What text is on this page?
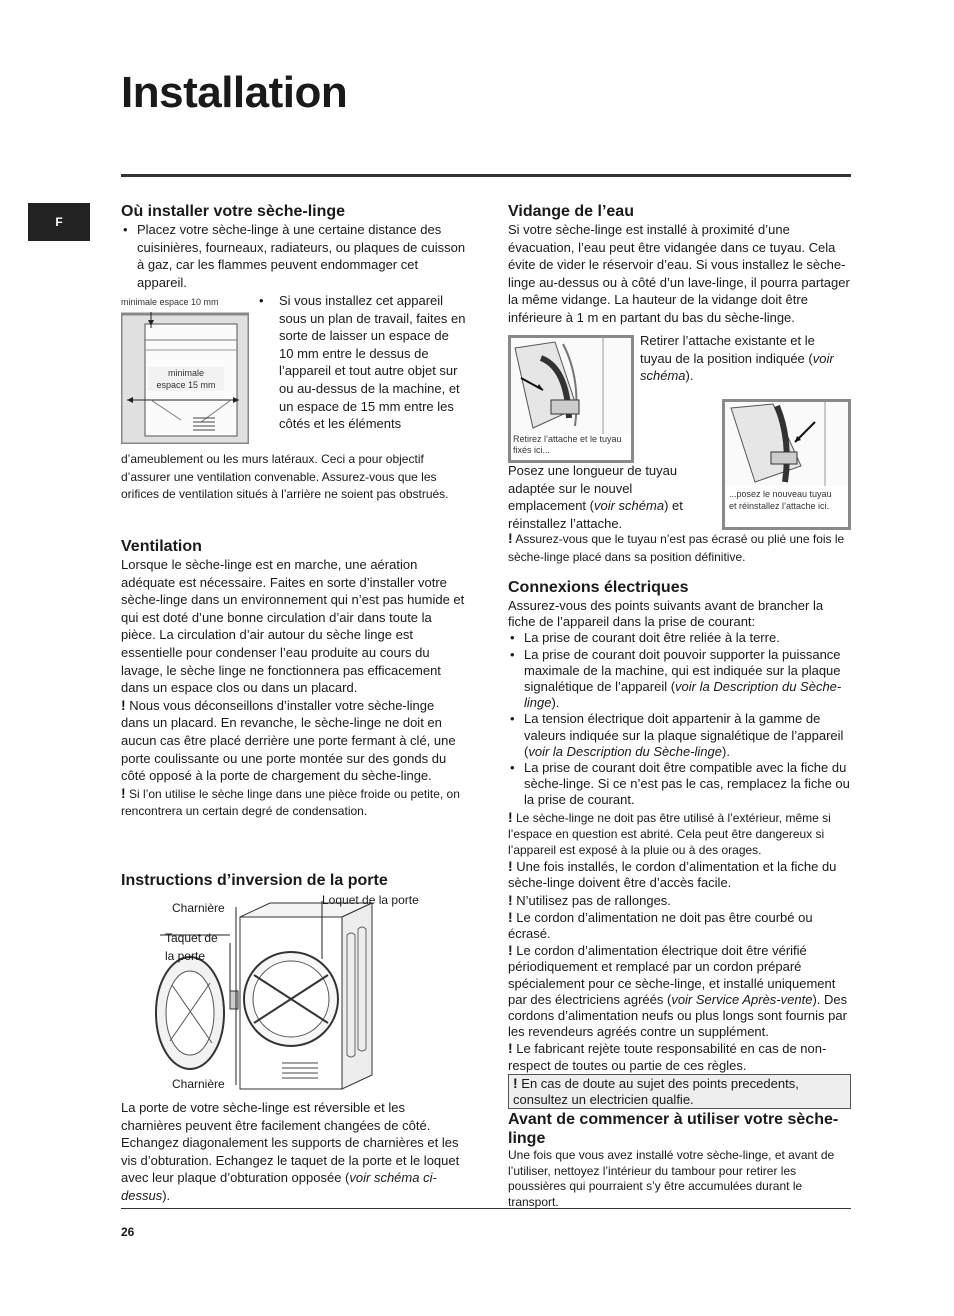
Installation
F
Où installer votre sèche-linge
• Placez votre sèche-linge à une certaine distance des cuisinières, fourneaux, radiateurs, ou plaques de cuisson à gaz, car les flammes peuvent endommager cet appareil.
minimale espace 10 mm
minimale
espace 15 mm
• Si vous installez cet appareil sous un plan de travail, faites en sorte de laisser un espace de 10 mm entre le dessus de l’appareil et tout autre objet sur ou au-dessus de la machine, et un espace de 15 mm entre les côtés et les éléments
d’ameublement ou les murs latéraux. Ceci a pour objectif d’assurer une ventilation convenable. Assurez-vous que les orifices de ventilation situés à l’arrière ne soient pas obstrués.
Ventilation

Lorsque le sèche-linge est en marche, une aération adéquate est nécessaire. Faites en sorte d’installer votre sèche-linge dans un environnement qui n’est pas humide et qui est doté d’une bonne circulation d’air dans toute la pièce. La circulation d’air autour du sèche linge est essentielle pour condenser l’eau produite au cours du lavage, le sèche linge ne fonctionnera pas efficacement dans un espace clos ou dans un placard.

! Nous vous déconseillons d’installer votre sèche-linge dans un placard. En revanche, le sèche-linge ne doit en aucun cas être placé derrière une porte fermant à clé, une porte coulissante ou une porte montée sur des gonds du côté opposé à la porte de chargement du sèche-linge.

! Si l’on utilise le sèche linge dans une pièce froide ou petite, on rencontrera un certain degré de condensation.

Instructions d’inversion de la porte
Charnière
Loquet de la porte
Taquet de
la porte
Charnière

La porte de votre sèche-linge est réversible et les charnières peuvent être facilement changées de côté. Echangez diagonalement les supports de charnières et les vis d’obturation. Echangez le taquet de la porte et le loquet avec leur plaque d’obturation opposée (voir schéma ci-dessus).

Vidange de l’eau

Si votre sèche-linge est installé à proximité d’une évacuation, l’eau peut être vidangée dans ce tuyau. Cela évite de vider le réservoir d’eau. Si vous installez le sèche-linge au-dessus ou à côté d’un lave-linge, il pourra partager la même vidange. La hauteur de la vidange doit être inférieure à 1 m en partant du bas du sèche-linge.

Retirez l’attache et le tuyau fixés ici...

Retirer l’attache existante et le tuyau de la position indiquée (voir schéma).

...posez le nouveau tuyau et réinstallez l’attache ici.

Posez une longueur de tuyau adaptée sur le nouvel emplacement (voir schéma) et réinstallez l’attache.

! Assurez-vous que le tuyau n’est pas écrasé ou plié une fois le sèche-linge placé dans sa position définitive.

Connexions électriques

Assurez-vous des points suivants avant de brancher la fiche de l’appareil dans la prise de courant:

• La prise de courant doit être reliée à la terre.
• La prise de courant doit pouvoir supporter la puissance maximale de la machine, qui est indiquée sur la plaque signalétique de l’appareil (voir la Description du Sèche-linge).
• La tension électrique doit appartenir à la gamme de valeurs indiquée sur la plaque signalétique de l’appareil (voir la Description du Sèche-linge).
• La prise de courant doit être compatible avec la fiche du sèche-linge. Si ce n’est pas le cas, remplacez la fiche ou la prise de courant.

! Le sèche-linge ne doit pas être utilisé à l’extérieur, même si l’espace en question est abrité. Cela peut être dangereux si l’appareil est exposé à la pluie ou à des orages.

! Une fois installés, le cordon d’alimentation et la fiche du sèche-linge doivent être d’accès facile.

! N’utilisez pas de rallonges.

! Le cordon d’alimentation ne doit pas être courbé ou écrasé.

! Le cordon d’alimentation électrique doit être vérifié périodiquement et remplacé par un cordon préparé spécialement pour ce sèche-linge, et installé uniquement par des électriciens agréés (voir Service Après-vente). Des cordons d’alimentation neufs ou plus longs sont fournis par les revendeurs agréés contre un supplément.

! Le fabricant rejète toute responsabilité en cas de non-respect de toutes ou partie de ces règles.

! En cas de doute au sujet des points precedents, consultez un electricien qualfie.

Avant de commencer à utiliser votre sèche-linge

Une fois que vous avez installé votre sèche-linge, et avant de l’utiliser, nettoyez l’intérieur du tambour pour retirer les poussières qui pourraient s’y être accumulées durant le transport.

26
